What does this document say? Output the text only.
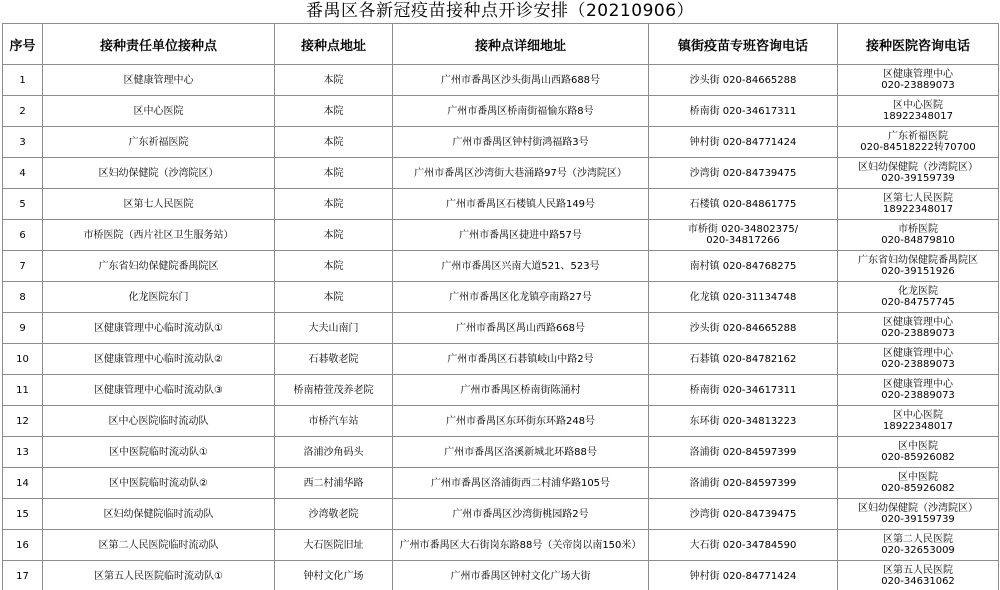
番禺区各新冠疫苗接种点开诊安排（20210906）
序号	接种责任单位接种点	接种点地址	接种点详细地址	镇街疫苗专班咨询电话	接种医院咨询电话
1	区健康管理中心	本院	广州市番禺区沙头街禺山西路688号	沙头街 020-84665288	区健康管理中心
020-23889073

2	区中心医院	本院	广州市番禺区桥南街福愉东路8号	桥南街 020-34617311	区中心医院
18922348017

3	广东祈福医院	本院	广州市番禺区钟村街鸿福路3号	钟村街 020-84771424	广东祈福医院
020-84518222转70700

4	区妇幼保健院（沙湾院区）	本院	广州市番禺区沙湾街大巷涌路97号（沙湾院区）	沙湾街 020-84739475	区妇幼保健院（沙湾院区）
020-39159739

5	区第七人民医院	本院	广州市番禺区石楼镇人民路149号	石楼镇 020-84861775	区第七人民医院
18922348017

6	市桥医院（西片社区卫生服务站）	本院	广州市番禺区捷进中路57号	市桥街 020-34802375/
020-34817266	市桥医院
020-84879810

7	广东省妇幼保健院番禺院区	本院	广州市番禺区兴南大道521、523号	南村镇 020-84768275	广东省妇幼保健院番禺院区
020-39151926

8	化龙医院东门	本院	广州市番禺区化龙镇亭南路27号	化龙镇 020-31134748	化龙医院
020-84757745

9	区健康管理中心临时流动队①	大夫山南门	广州市番禺区禺山西路668号	沙头街 020-84665288	区健康管理中心
020-23889073

10	区健康管理中心临时流动队②	石碁敬老院	广州市番禺区石碁镇岐山中路2号	石碁镇 020-84782162	区健康管理中心
020-23889073

11	区健康管理中心临时流动队③	桥南椿萱茂养老院	广州市番禺区桥南街陈涌村	桥南街 020-34617311	区健康管理中心
020-23889073

12	区中心医院临时流动队	市桥汽车站	广州市番禺区东环街东环路248号	东环街 020-34813223	区中心医院
18922348017

13	区中医院临时流动队①	洛浦沙角码头	广州市番禺区洛溪新城北环路88号	洛浦街 020-84597399	区中医院
020-85926082

14	区中医院临时流动队②	西二村浦华路	广州市番禺区洛浦街西二村浦华路105号	洛浦街 020-84597399	区中医院
020-85926082

15	区妇幼保健院临时流动队	沙湾敬老院	广州市番禺区沙湾街桃园路2号	沙湾街 020-84739475	区妇幼保健院（沙湾院区）
020-39159739

16	区第二人民医院临时流动队	大石医院旧址	广州市番禺区大石街岗东路88号（关帝岗以南150米）	大石街 020-34784590	区第二人民医院
020-32653009

17	区第五人民医院临时流动队①	钟村文化广场	广州市番禺区钟村文化广场大街	钟村街 020-84771424	区第五人民医院
020-34631062
